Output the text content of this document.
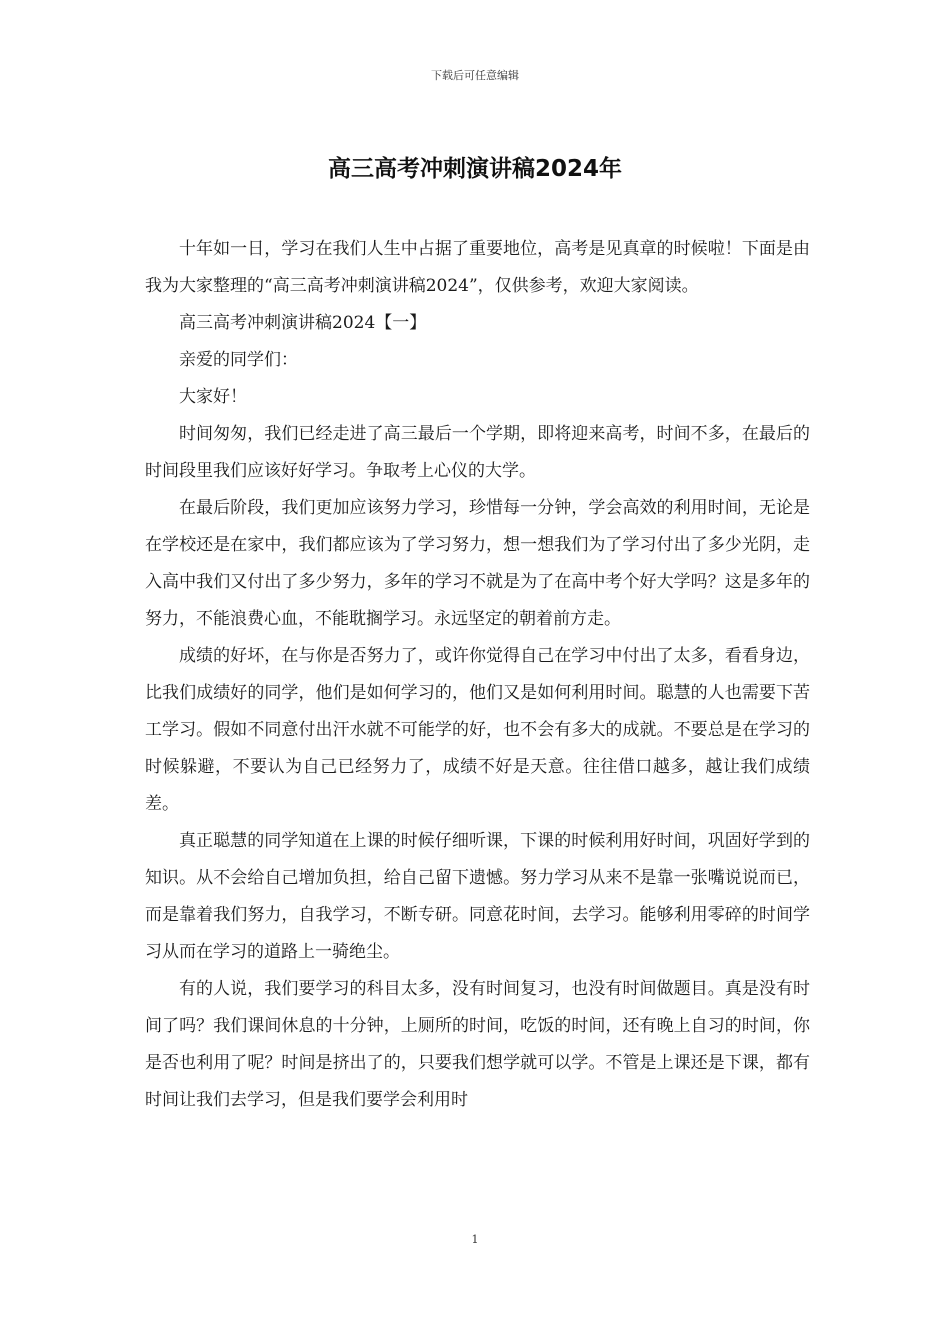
下载后可任意编辑
高三高考冲刺演讲稿2024年

十年如一日，学习在我们人生中占据了重要地位，高考是见真章的时候啦！下面是由我为大家整理的“高三高考冲刺演讲稿2024”，仅供参考，欢迎大家阅读。

高三高考冲刺演讲稿2024【一】

亲爱的同学们：

大家好！

时间匆匆，我们已经走进了高三最后一个学期，即将迎来高考，时间不多，在最后的时间段里我们应该好好学习。争取考上心仪的大学。

在最后阶段，我们更加应该努力学习，珍惜每一分钟，学会高效的利用时间，无论是在学校还是在家中，我们都应该为了学习努力，想一想我们为了学习付出了多少光阴，走入高中我们又付出了多少努力，多年的学习不就是为了在高中考个好大学吗？这是多年的努力，不能浪费心血，不能耽搁学习。永远坚定的朝着前方走。

成绩的好坏，在与你是否努力了，或许你觉得自己在学习中付出了太多，看看身边，比我们成绩好的同学，他们是如何学习的，他们又是如何利用时间。聪慧的人也需要下苦工学习。假如不同意付出汗水就不可能学的好，也不会有多大的成就。不要总是在学习的时候躲避，不要认为自己已经努力了，成绩不好是天意。往往借口越多，越让我们成绩差。

真正聪慧的同学知道在上课的时候仔细听课，下课的时候利用好时间，巩固好学到的知识。从不会给自己增加负担，给自己留下遗憾。努力学习从来不是靠一张嘴说说而已，而是靠着我们努力，自我学习，不断专研。同意花时间，去学习。能够利用零碎的时间学习从而在学习的道路上一骑绝尘。

有的人说，我们要学习的科目太多，没有时间复习，也没有时间做题目。真是没有时间了吗？我们课间休息的十分钟，上厕所的时间，吃饭的时间，还有晚上自习的时间，你是否也利用了呢？时间是挤出了的，只要我们想学就可以学。不管是上课还是下课，都有时间让我们去学习，但是我们要学会利用时

1
